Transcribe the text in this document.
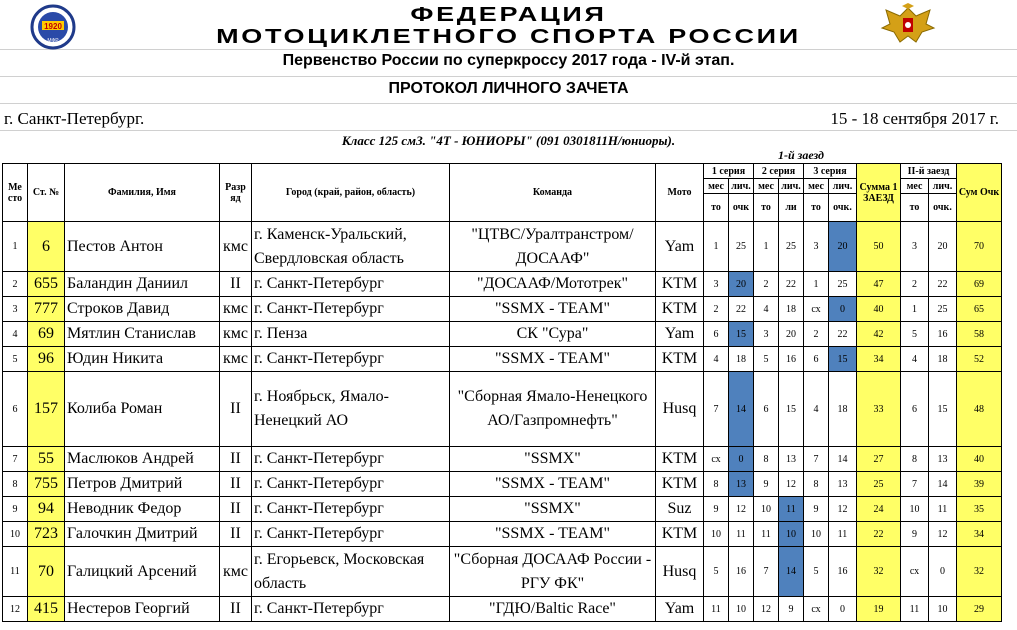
1920
МФР
ФЕДЕРАЦИЯ
МОТОЦИКЛЕТНОГО СПОРТА РОССИИ
Первенство России по суперкроссу 2017 года - IV-й этап.
ПРОТОКОЛ ЛИЧНОГО ЗАЧЕТА
г. Санкт-Петербург.	15 - 18 сентября 2017 г.
Класс 125 смЗ. "4Т - ЮНИОРЫ" (091 0301811Н/юниоры).
1-й заезд
Ме сто	Ст. №	Фамилия, Имя	Разр яд	Город (край, район, область)	Команда	Мото	1 серия		2 серия		3 серия		Сумма 1 ЗАЕЗД	II-й заезд		Сум Очк
							мес	лич.	мес	лич.	мес	лич.		мес	лич.	
							то	очк	то	ли	то	очк.		то	очк.	
1	6	Пестов Антон	кмс	г. Каменск-Уральский, Свердловская область	"ЦТВС/Уралтранстром/ ДОСААФ"	Yam	1	25	1	25	3	20	50	3	20	70
2	655	Баландин Даниил	II	г. Санкт-Петербург	"ДОСААФ/Мототрек"	KTM	3	20	2	22	1	25	47	2	22	69
3	777	Строков Давид	кмс	г. Санкт-Петербург	"SSMX - TEAM"	KTM	2	22	4	18	сх	0	40	1	25	65
4	69	Мятлин Станислав	кмс	г. Пенза	СК "Сура"	Yam	6	15	3	20	2	22	42	5	16	58
5	96	Юдин Никита	кмс	г. Санкт-Петербург	"SSMX - TEAM"	KTM	4	18	5	16	6	15	34	4	18	52
6	157	Колиба Роман	II	г. Ноябрьск, Ямало-Ненецкий АО	"Сборная Ямало-Ненецкого АО/Газпромнефть"	Husq	7	14	6	15	4	18	33	6	15	48
7	55	Маслюков Андрей	II	г. Санкт-Петербург	"SSMX"	KTM	сх	0	8	13	7	14	27	8	13	40
8	755	Петров Дмитрий	II	г. Санкт-Петербург	"SSMX - TEAM"	KTM	8	13	9	12	8	13	25	7	14	39
9	94	Неводник Федор	II	г. Санкт-Петербург	"SSMX"	Suz	9	12	10	11	9	12	24	10	11	35
10	723	Галочкин Дмитрий	II	г. Санкт-Петербург	"SSMX - TEAM"	KTM	10	11	11	10	10	11	22	9	12	34
11	70	Галицкий Арсений	кмс	г. Егорьевск, Московская область	"Сборная ДОСААФ России - РГУ ФК"	Husq	5	16	7	14	5	16	32	сх	0	32
12	415	Нестеров Георгий	II	г. Санкт-Петербург	"ГДЮ/Baltic Race"	Yam	11	10	12	9	сх	0	19	11	10	29
